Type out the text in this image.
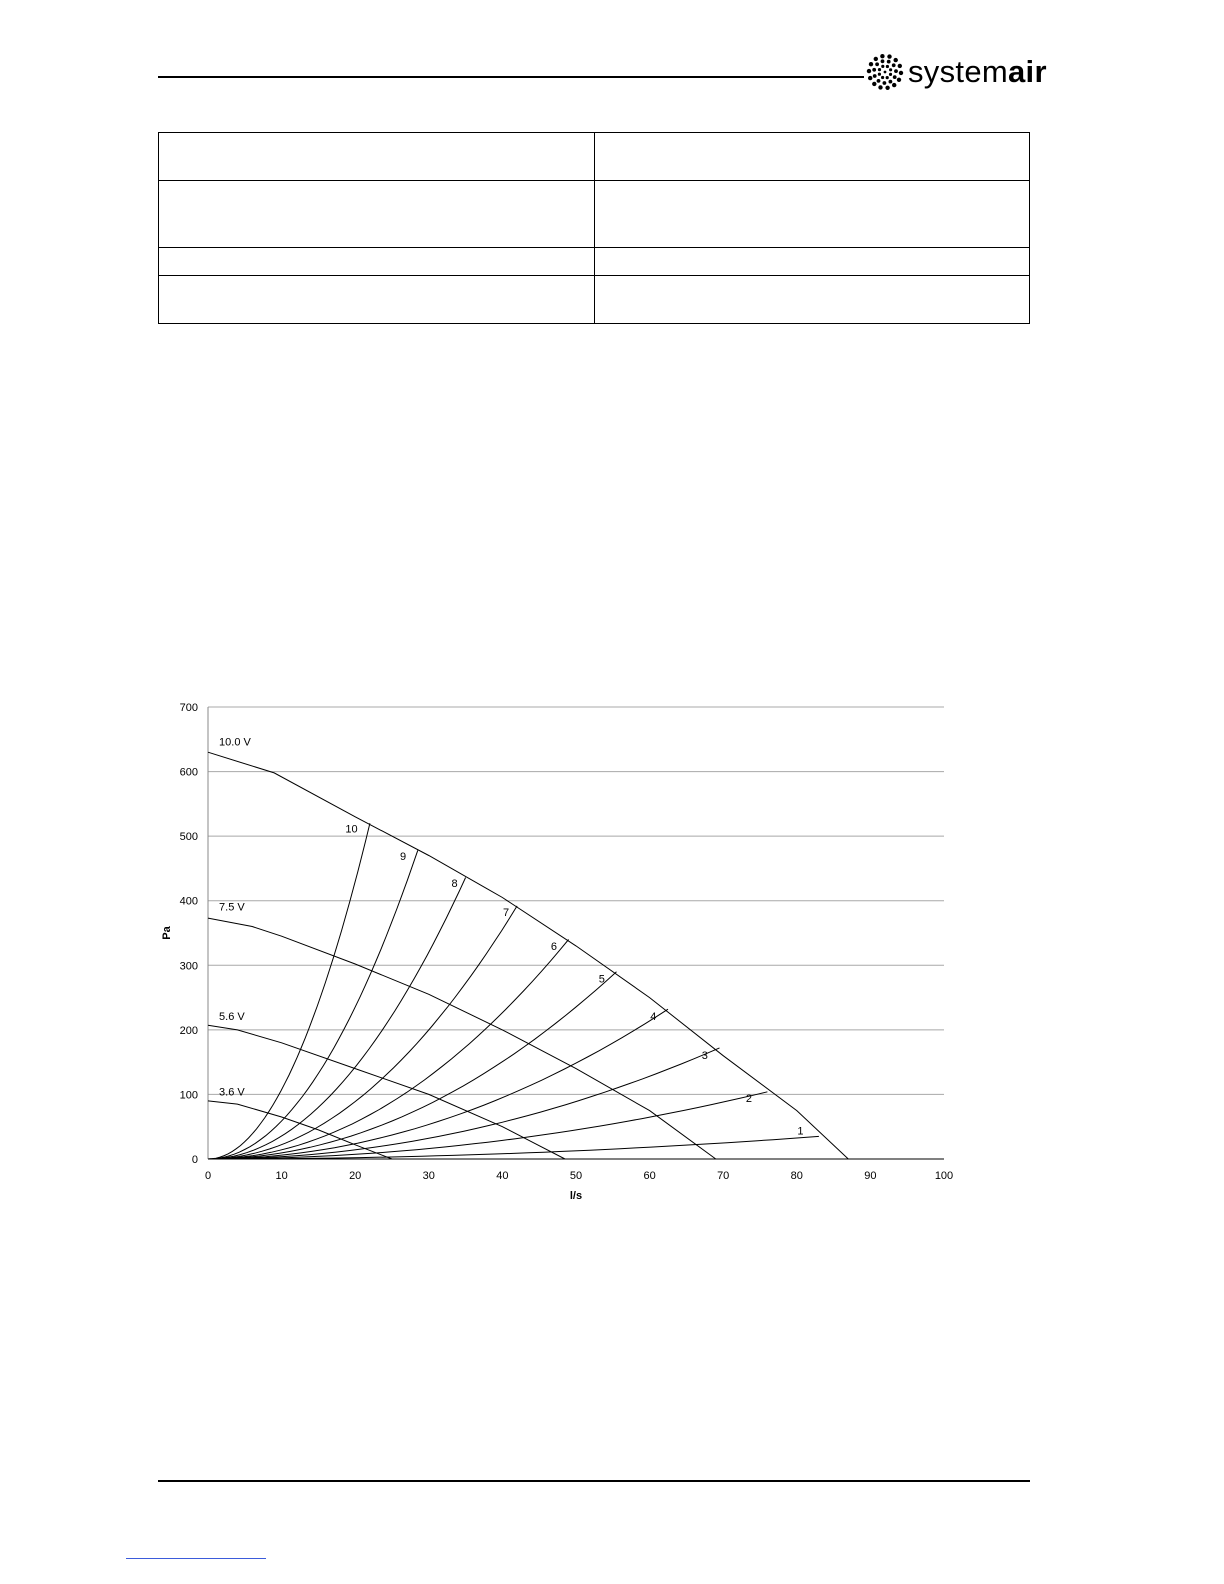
systemair

0
100
200
300
400
500
600
700
0	10	20	30	40	50	60	70	80	90	100
10.0 V
7.5 V
5.6 V
3.6 V
10
9
8
7
6
5
4
3
2
1
l/s
Pa
